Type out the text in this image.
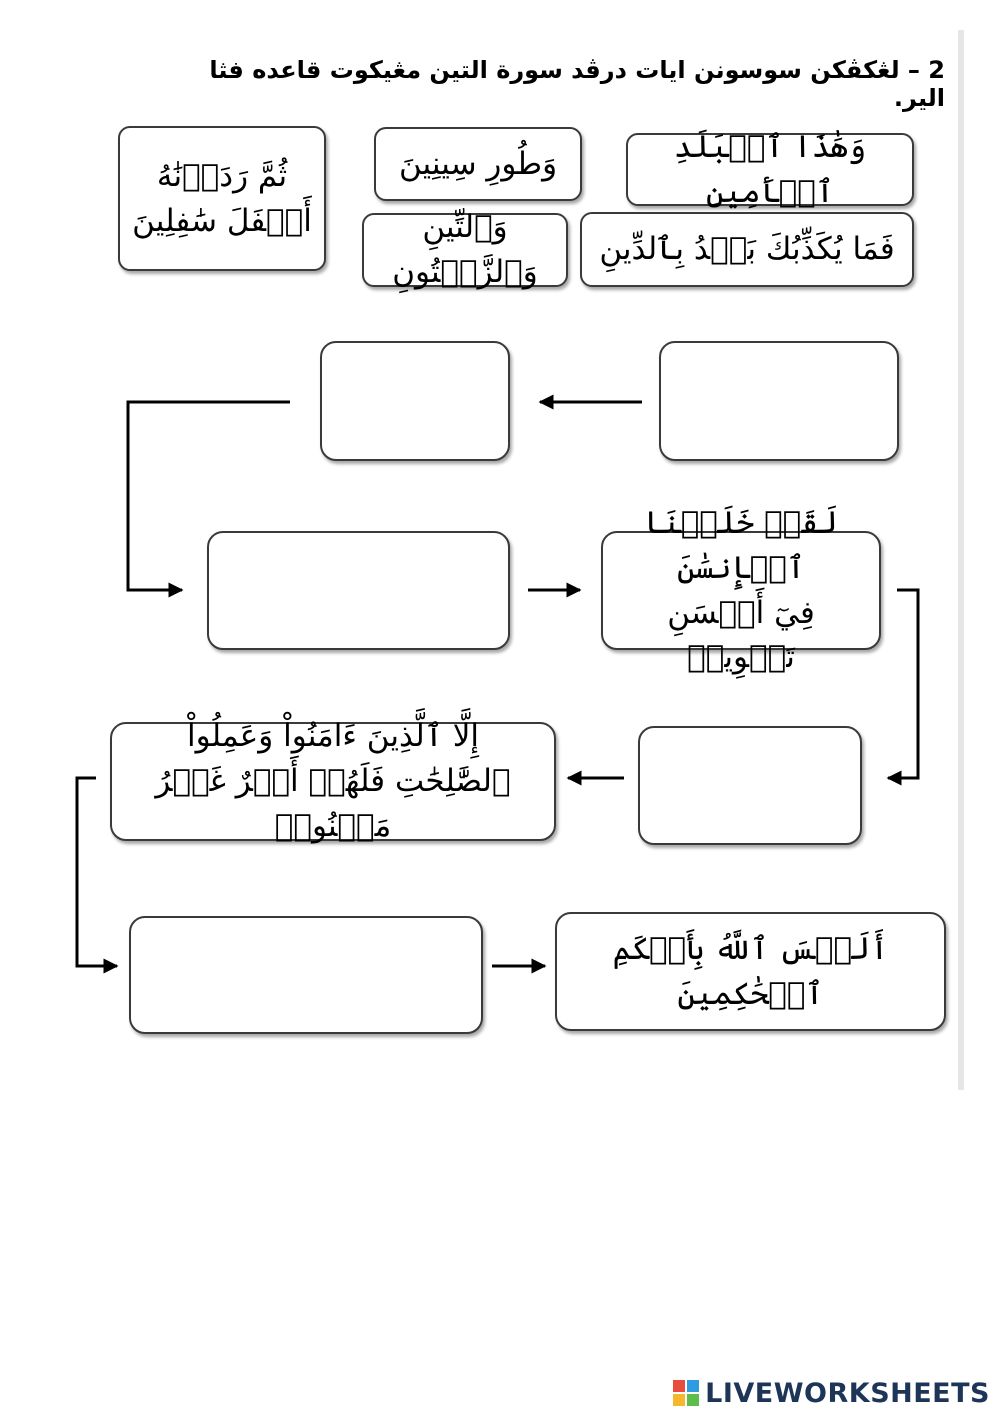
2 – لڠكڤكن سوسونن ايات درڤد سورة التين مڠيكوت قاعده فثا الير.
وَهَٰذَا ٱلۡبَلَدِ ٱلۡأَمِينِ
وَطُورِ سِينِينَ
ثُمَّ رَدَدۡنَٰهُ
أَسۡفَلَ سَٰفِلِينَ
فَمَا يُكَذِّبُكَ بَعۡدُ بِٱلدِّينِ
وَٱلتِّينِ وَٱلزَّيۡتُونِ
لَقَدۡ خَلَقۡنَا ٱلۡإِنسَٰنَ
فِيٓ أَحۡسَنِ تَقۡوِيمٖ
إِلَّا ٱلَّذِينَ ءَامَنُواْ وَعَمِلُواْ
ٱلصَّٰلِحَٰتِ فَلَهُمۡ أَجۡرٌ غَيۡرُ مَمۡنُونٖ
أَلَيۡسَ ٱللَّهُ بِأَحۡكَمِ ٱلۡحَٰكِمِينَ
LIVEWORKSHEETS
